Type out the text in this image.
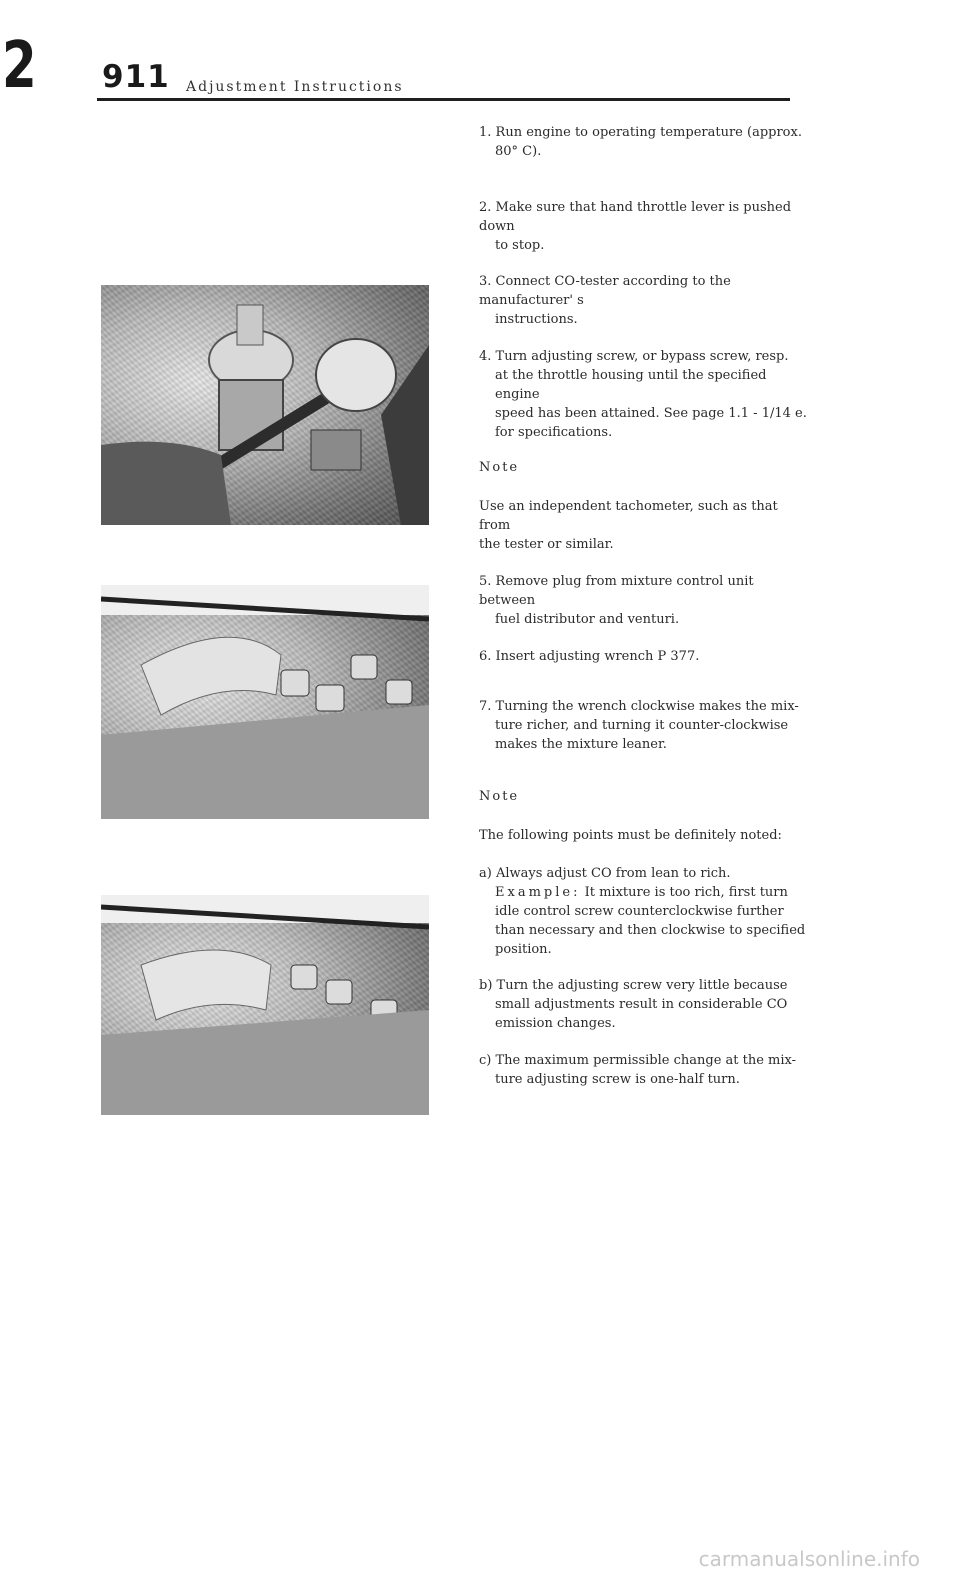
2 911 Adjustment Instructions
1. Run engine to operating temperature (approx.
80° C).
2. Make sure that hand throttle lever is pushed down
to stop.
3. Connect CO-tester according to the manufacturer' s
instructions.
4. Turn adjusting screw, or bypass screw, resp.
at the throttle housing until the specified engine
speed has been attained. See page 1.1 - 1/14 e.
for specifications.
Note
Use an independent tachometer, such as that from
the tester or similar.
5. Remove plug from mixture control unit between
fuel distributor and venturi.
6. Insert adjusting wrench P 377.
7. Turning the wrench clockwise makes the mix-
ture richer, and turning it counter-clockwise
makes the mixture leaner.
Note
The following points must be definitely noted:
a) Always adjust CO from lean to rich.
Example: It mixture is too rich, first turn
idle control screw counterclockwise further
than necessary and then clockwise to specified
position.
b) Turn the adjusting screw very little because
small adjustments result in considerable CO
emission changes.
c) The maximum permissible change at the mix-
ture adjusting screw is one-half turn.
carmanualsonline.info
